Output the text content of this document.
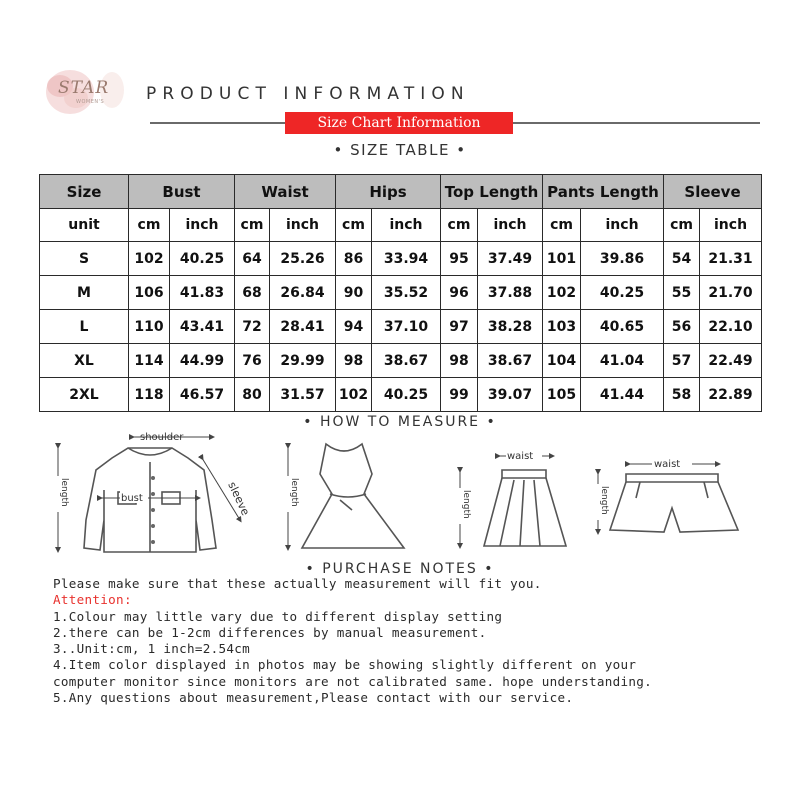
STAR
WOMEN'S PRODUCT INFORMATION
Size Chart Information
• SIZE TABLE •
Size	Bust		Waist		Hips		Top Length		Pants Length		Sleeve	
unit	cm	inch	cm	inch	cm	inch	cm	inch	cm	inch	cm	inch
S	102	40.25	64	25.26	86	33.94	95	37.49	101	39.86	54	21.31
M	106	41.83	68	26.84	90	35.52	96	37.88	102	40.25	55	21.70
L	110	43.41	72	28.41	94	37.10	97	38.28	103	40.65	56	22.10
XL	114	44.99	76	29.99	98	38.67	98	38.67	104	41.04	57	22.49
2XL	118	46.57	80	31.57	102	40.25	99	39.07	105	41.44	58	22.89
• HOW TO MEASURE •
shoulder
bust
length	sleeve	length
waist
length
waist
length
• PURCHASE NOTES •
Please make sure that these actually measurement will fit you.
Attention:
1.Colour may little vary due to different display setting
2.there can be 1-2cm differences by manual measurement.
3..Unit:cm, 1 inch=2.54cm
4.Item color displayed in photos may be showing slightly different on your
computer monitor since monitors are not calibrated same. hope understanding.
5.Any questions about measurement,Please contact with our service.
